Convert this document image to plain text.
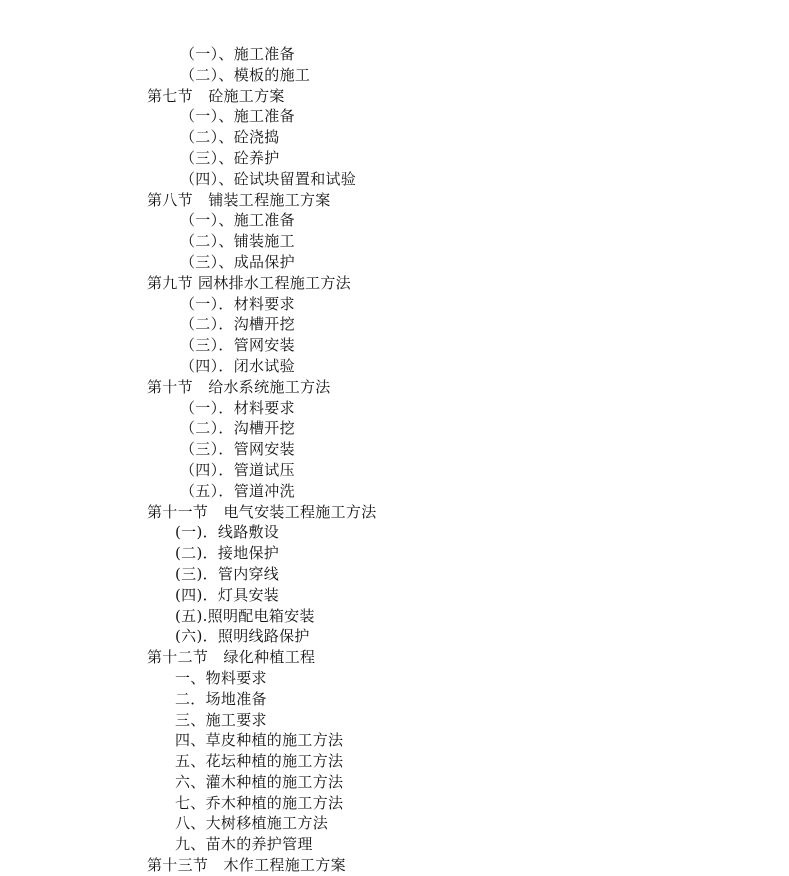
（一）、施工准备
（二）、模板的施工
第七节　砼施工方案
（一）、施工准备
（二）、砼浇捣
（三）、砼养护
（四）、砼试块留置和试验
第八节　铺装工程施工方案
（一）、施工准备
（二）、铺装施工
（三）、成品保护
第九节 园林排水工程施工方法
（一）．材料要求
（二）．沟槽开挖
（三）．管网安装
（四）．闭水试验
第十节　给水系统施工方法
（一）．材料要求
（二）．沟槽开挖
（三）．管网安装
（四）．管道试压
（五）．管道冲洗
第十一节　电气安装工程施工方法
(一)．线路敷设
(二)．接地保护
(三)．管内穿线
(四)．灯具安装
(五).照明配电箱安装
(六)．照明线路保护
第十二节　绿化种植工程
一、物料要求
二．场地准备
三、施工要求
四、草皮种植的施工方法
五、花坛种植的施工方法
六、灌木种植的施工方法
七、乔木种植的施工方法
八、大树移植施工方法
九、苗木的养护管理
第十三节　木作工程施工方案
